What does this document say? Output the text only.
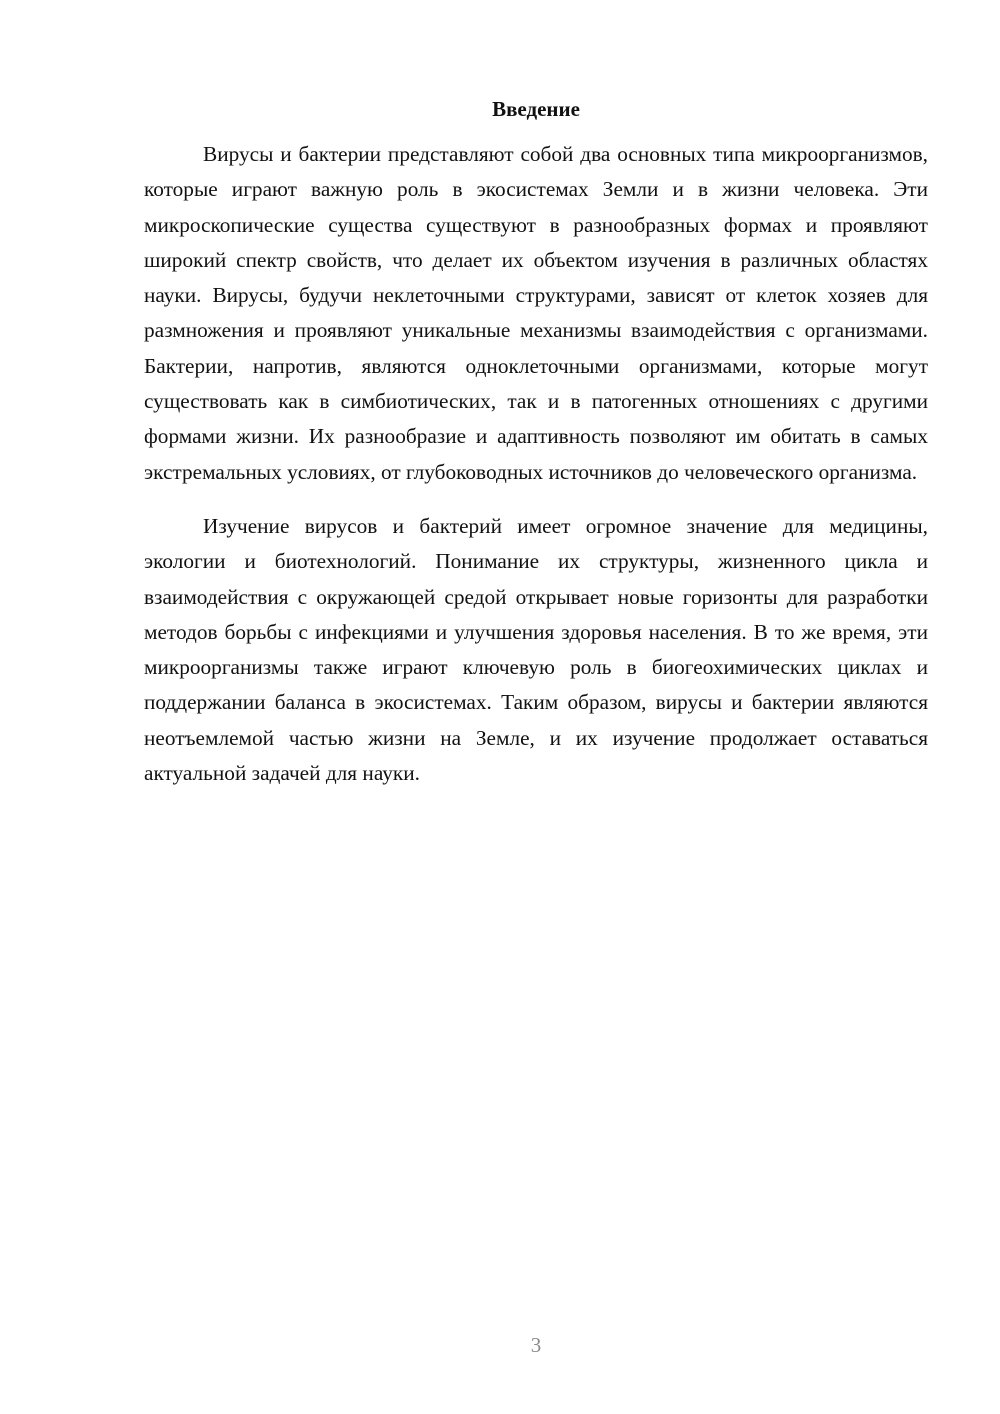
Введение

Вирусы и бактерии представляют собой два основных типа микроорганизмов, которые играют важную роль в экосистемах Земли и в жизни человека. Эти микроскопические существа существуют в разнообразных формах и проявляют широкий спектр свойств, что делает их объектом изучения в различных областях науки. Вирусы, будучи неклеточными структурами, зависят от клеток хозяев для размножения и проявляют уникальные механизмы взаимодействия с организмами. Бактерии, напротив, являются одноклеточными организмами, которые могут существовать как в симбиотических, так и в патогенных отношениях с другими формами жизни. Их разнообразие и адаптивность позволяют им обитать в самых экстремальных условиях, от глубоководных источников до человеческого организма.

Изучение вирусов и бактерий имеет огромное значение для медицины, экологии и биотехнологий. Понимание их структуры, жизненного цикла и взаимодействия с окружающей средой открывает новые горизонты для разработки методов борьбы с инфекциями и улучшения здоровья населения. В то же время, эти микроорганизмы также играют ключевую роль в биогеохимических циклах и поддержании баланса в экосистемах. Таким образом, вирусы и бактерии являются неотъемлемой частью жизни на Земле, и их изучение продолжает оставаться актуальной задачей для науки.

3
